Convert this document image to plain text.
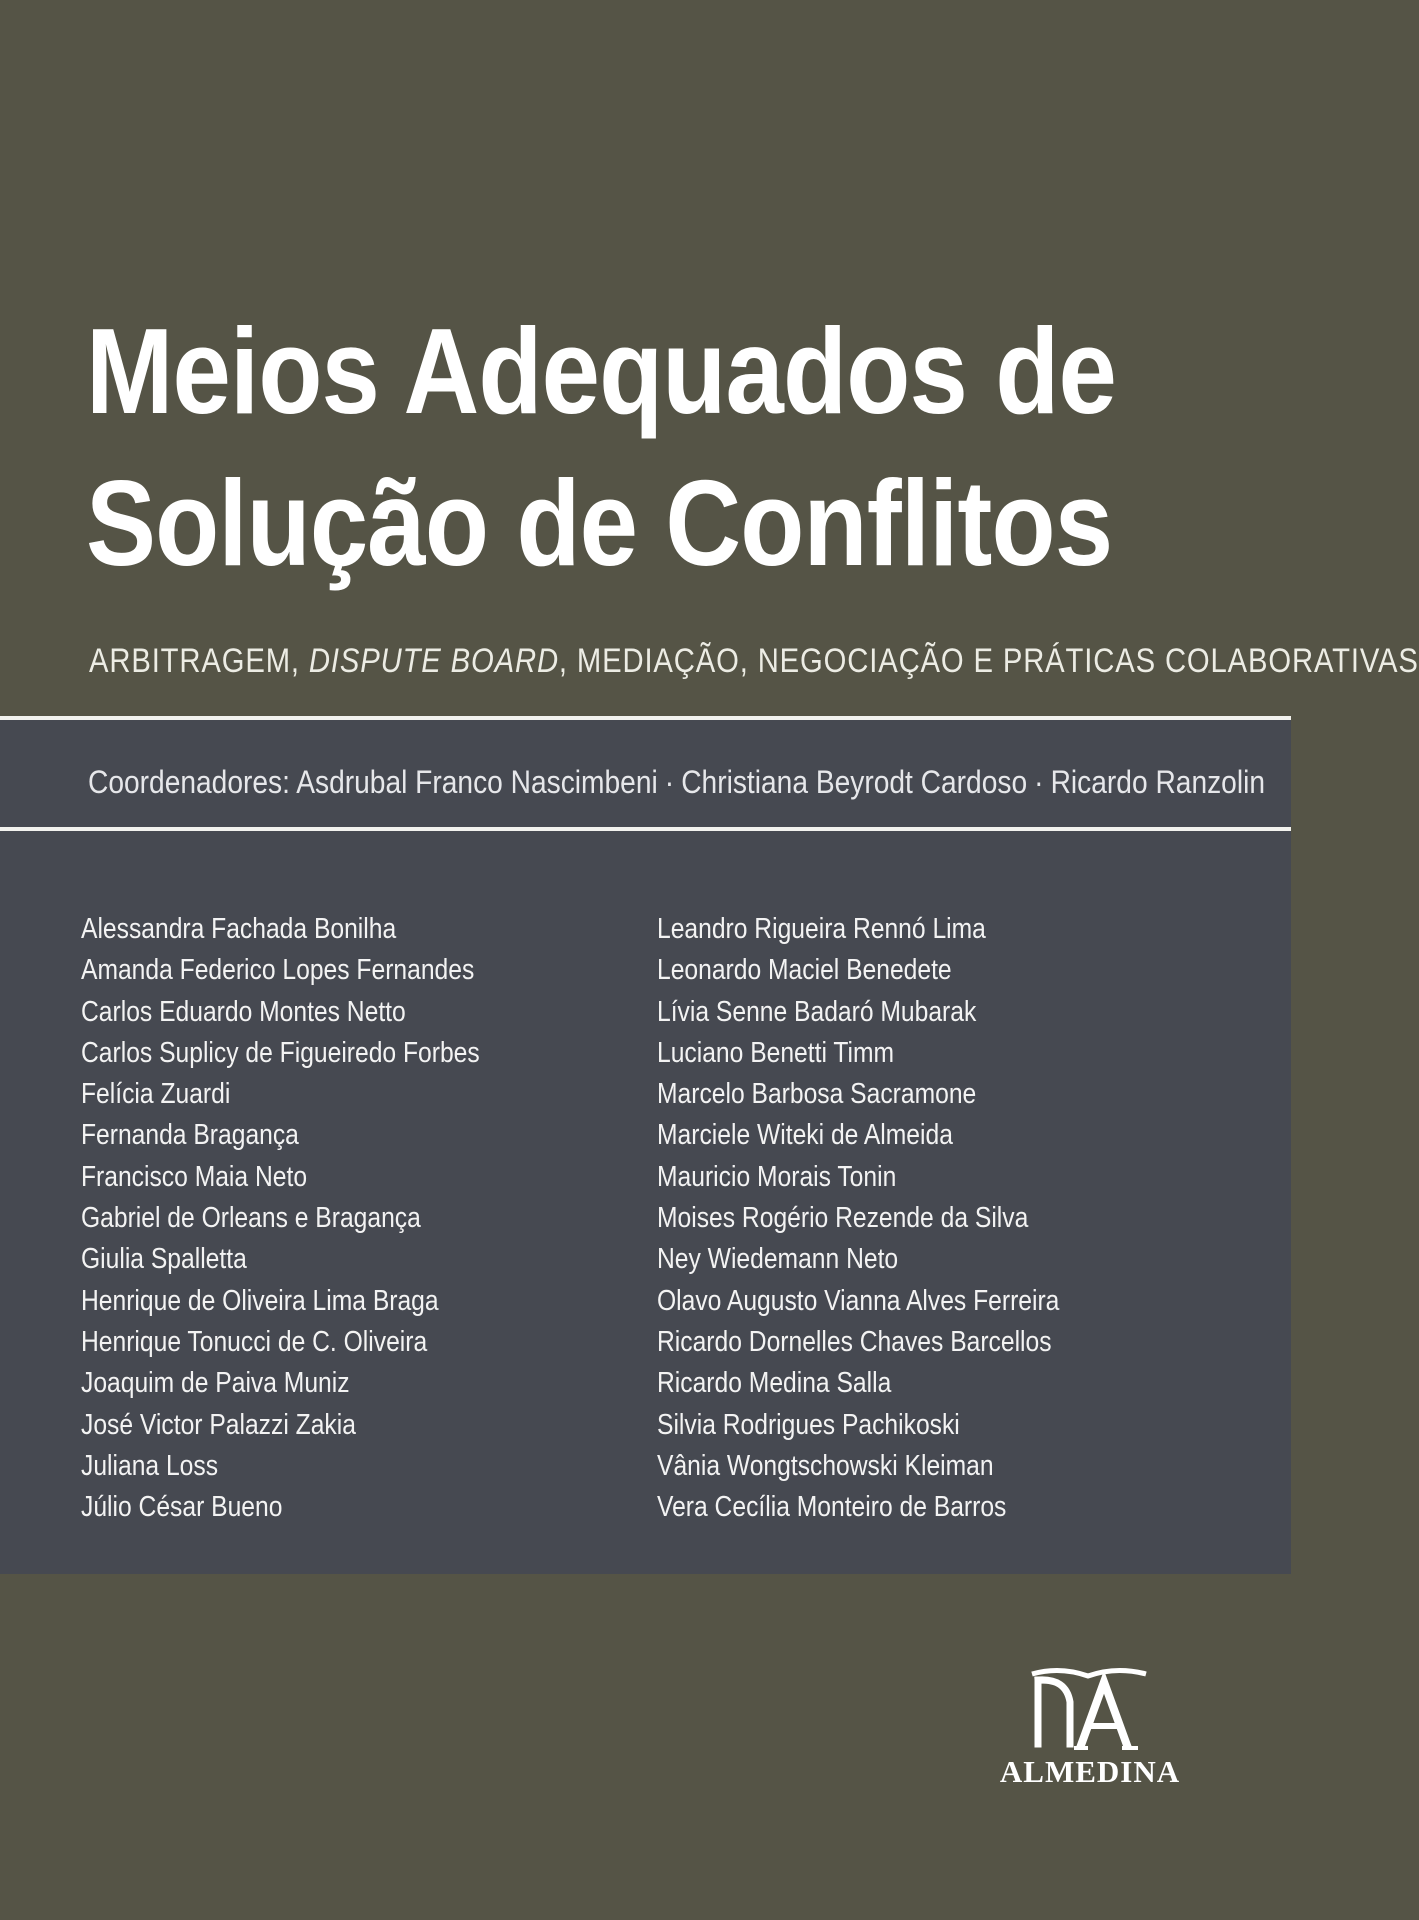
Meios Adequados de
Solução de Conflitos
ARBITRAGEM, DISPUTE BOARD, MEDIAÇÃO, NEGOCIAÇÃO E PRÁTICAS COLABORATIVAS
Coordenadores: Asdrubal Franco Nascimbeni · Christiana Beyrodt Cardoso · Ricardo Ranzolin
Alessandra Fachada Bonilha
Amanda Federico Lopes Fernandes
Carlos Eduardo Montes Netto
Carlos Suplicy de Figueiredo Forbes
Felícia Zuardi
Fernanda Bragança
Francisco Maia Neto
Gabriel de Orleans e Bragança
Giulia Spalletta
Henrique de Oliveira Lima Braga
Henrique Tonucci de C. Oliveira
Joaquim de Paiva Muniz
José Victor Palazzi Zakia
Juliana Loss
Júlio César Bueno
Leandro Rigueira Rennó Lima
Leonardo Maciel Benedete
Lívia Senne Badaró Mubarak
Luciano Benetti Timm
Marcelo Barbosa Sacramone
Marciele Witeki de Almeida
Mauricio Morais Tonin
Moises Rogério Rezende da Silva
Ney Wiedemann Neto
Olavo Augusto Vianna Alves Ferreira
Ricardo Dornelles Chaves Barcellos
Ricardo Medina Salla
Silvia Rodrigues Pachikoski
Vânia Wongtschowski Kleiman
Vera Cecília Monteiro de Barros
ALMEDINA
